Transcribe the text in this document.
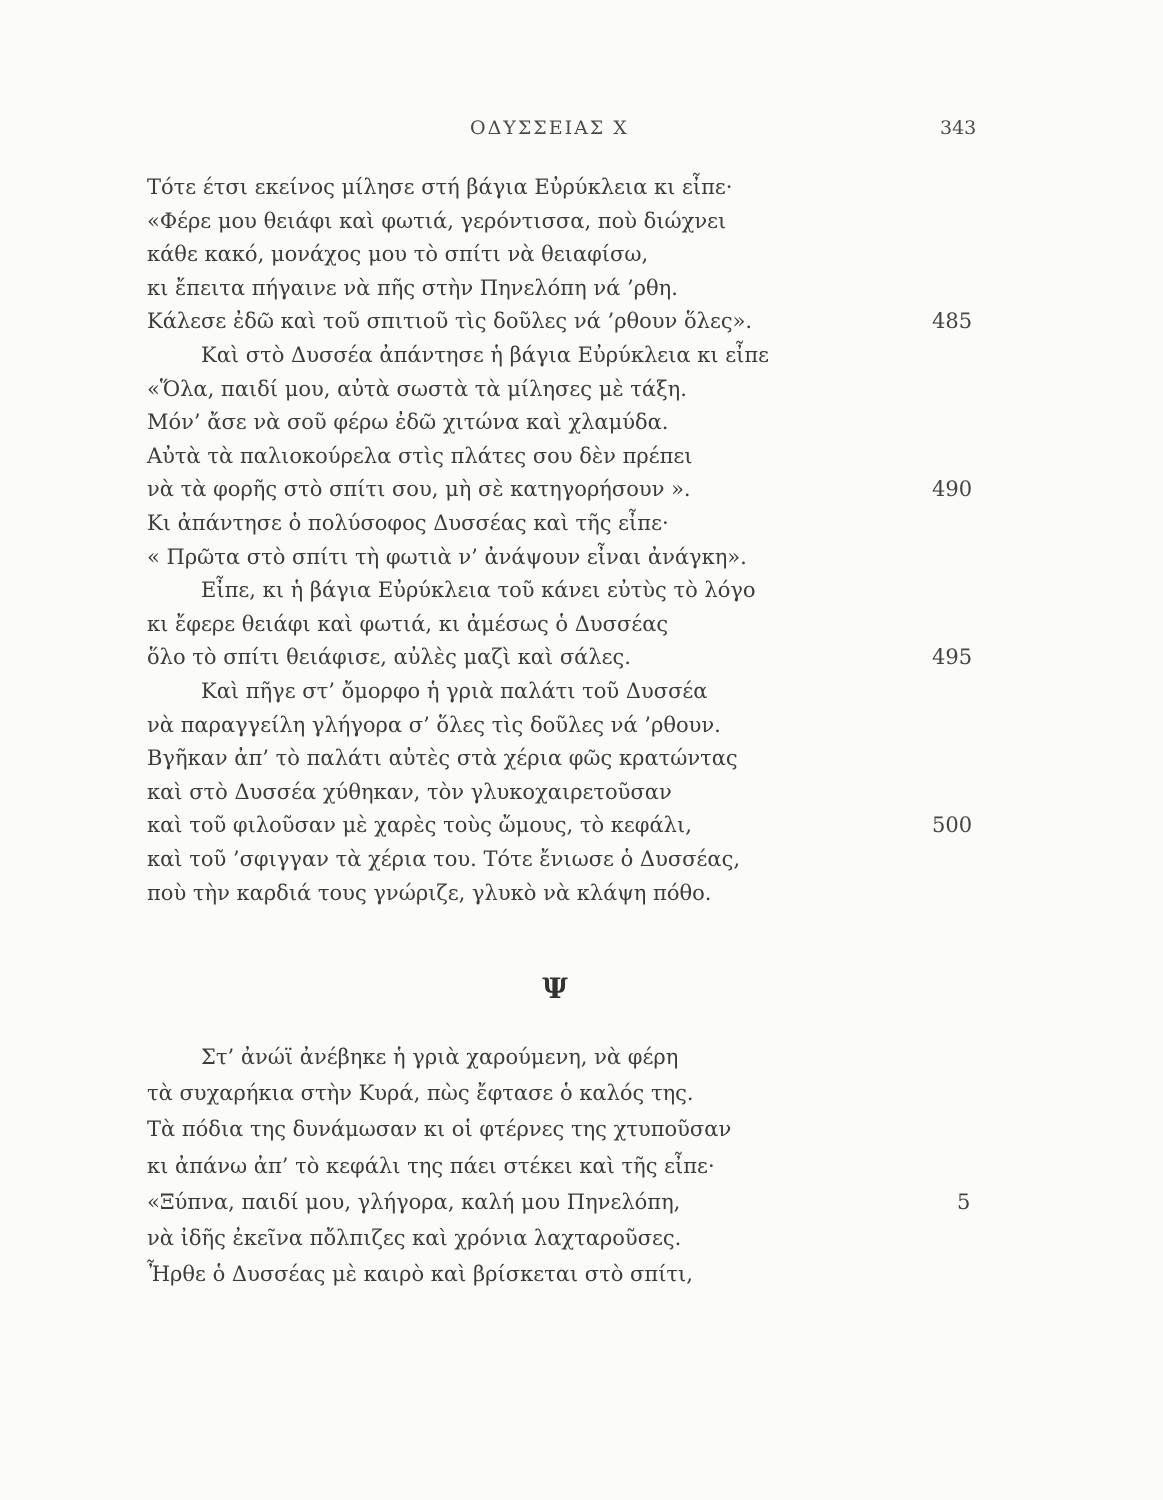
ΟΔΥΣΣΕΙΑΣ Χ	343
Τότε έτσι εκείνος μίλησε στή βάγια Εὐρύκλεια κι εἶπε·
«Φέρε μου θειάφι καὶ φωτιά, γερόντισσα, ποὺ διώχνει
κάθε κακό, μονάχος μου τὸ σπίτι νὰ θειαφίσω,
κι ἔπειτα πήγαινε νὰ πῆς στὴν Πηνελόπη νά ’ρθη.
Κάλεσε ἐδῶ καὶ τοῦ σπιτιοῦ τὶς δοῦλες νά ’ρθουν ὅλες».	485
Καὶ στὸ Δυσσέα ἀπάντησε ἡ βάγια Εὐρύκλεια κι εἶπε
«Ὅλα, παιδί μου, αὐτὰ σωστὰ τὰ μίλησες μὲ τάξη.
Μόν’ ἄσε νὰ σοῦ φέρω ἐδῶ χιτώνα καὶ χλαμύδα.
Αὐτὰ τὰ παλιοκούρελα στὶς πλάτες σου δὲν πρέπει
νὰ τὰ φορῆς στὸ σπίτι σου, μὴ σὲ κατηγορήσουν ».	490
Κι ἀπάντησε ὁ πολύσοφος Δυσσέας καὶ τῆς εἶπε·
« Πρῶτα στὸ σπίτι τὴ φωτιὰ ν’ ἀνάψουν εἶναι ἀνάγκη».
Εἶπε, κι ἡ βάγια Εὐρύκλεια τοῦ κάνει εὐτὺς τὸ λόγο
κι ἔφερε θειάφι καὶ φωτιά, κι ἀμέσως ὁ Δυσσέας
ὅλο τὸ σπίτι θειάφισε, αὐλὲς μαζὶ καὶ σάλες.	495
Καὶ πῆγε στ’ ὄμορφο ἡ γριὰ παλάτι τοῦ Δυσσέα
νὰ παραγγείλη γλήγορα σ’ ὅλες τὶς δοῦλες νά ’ρθουν.
Βγῆκαν ἀπ’ τὸ παλάτι αὐτὲς στὰ χέρια φῶς κρατώντας
καὶ στὸ Δυσσέα χύθηκαν, τὸν γλυκοχαιρετοῦσαν
καὶ τοῦ φιλοῦσαν μὲ χαρὲς τοὺς ὤμους, τὸ κεφάλι,	500
καὶ τοῦ ’σφιγγαν τὰ χέρια του. Τότε ἔνιωσε ὁ Δυσσέας,
ποὺ τὴν καρδιά τους γνώριζε, γλυκὸ νὰ κλάψη πόθο.
Ψ
Στ’ ἀνώϊ ἀνέβηκε ἡ γριὰ χαρούμενη, νὰ φέρη
τὰ συχαρήκια στὴν Κυρά, πὼς ἔφτασε ὁ καλός της.
Τὰ πόδια της δυνάμωσαν κι οἱ φτέρνες της χτυποῦσαν
κι ἀπάνω ἀπ’ τὸ κεφάλι της πάει στέκει καὶ τῆς εἶπε·
«Ξύπνα, παιδί μου, γλήγορα, καλή μου Πηνελόπη,	5
νὰ ἰδῆς ἐκεῖνα πὄλπιζες καὶ χρόνια λαχταροῦσες.
Ἦρθε ὁ Δυσσέας μὲ καιρὸ καὶ βρίσκεται στὸ σπίτι,
